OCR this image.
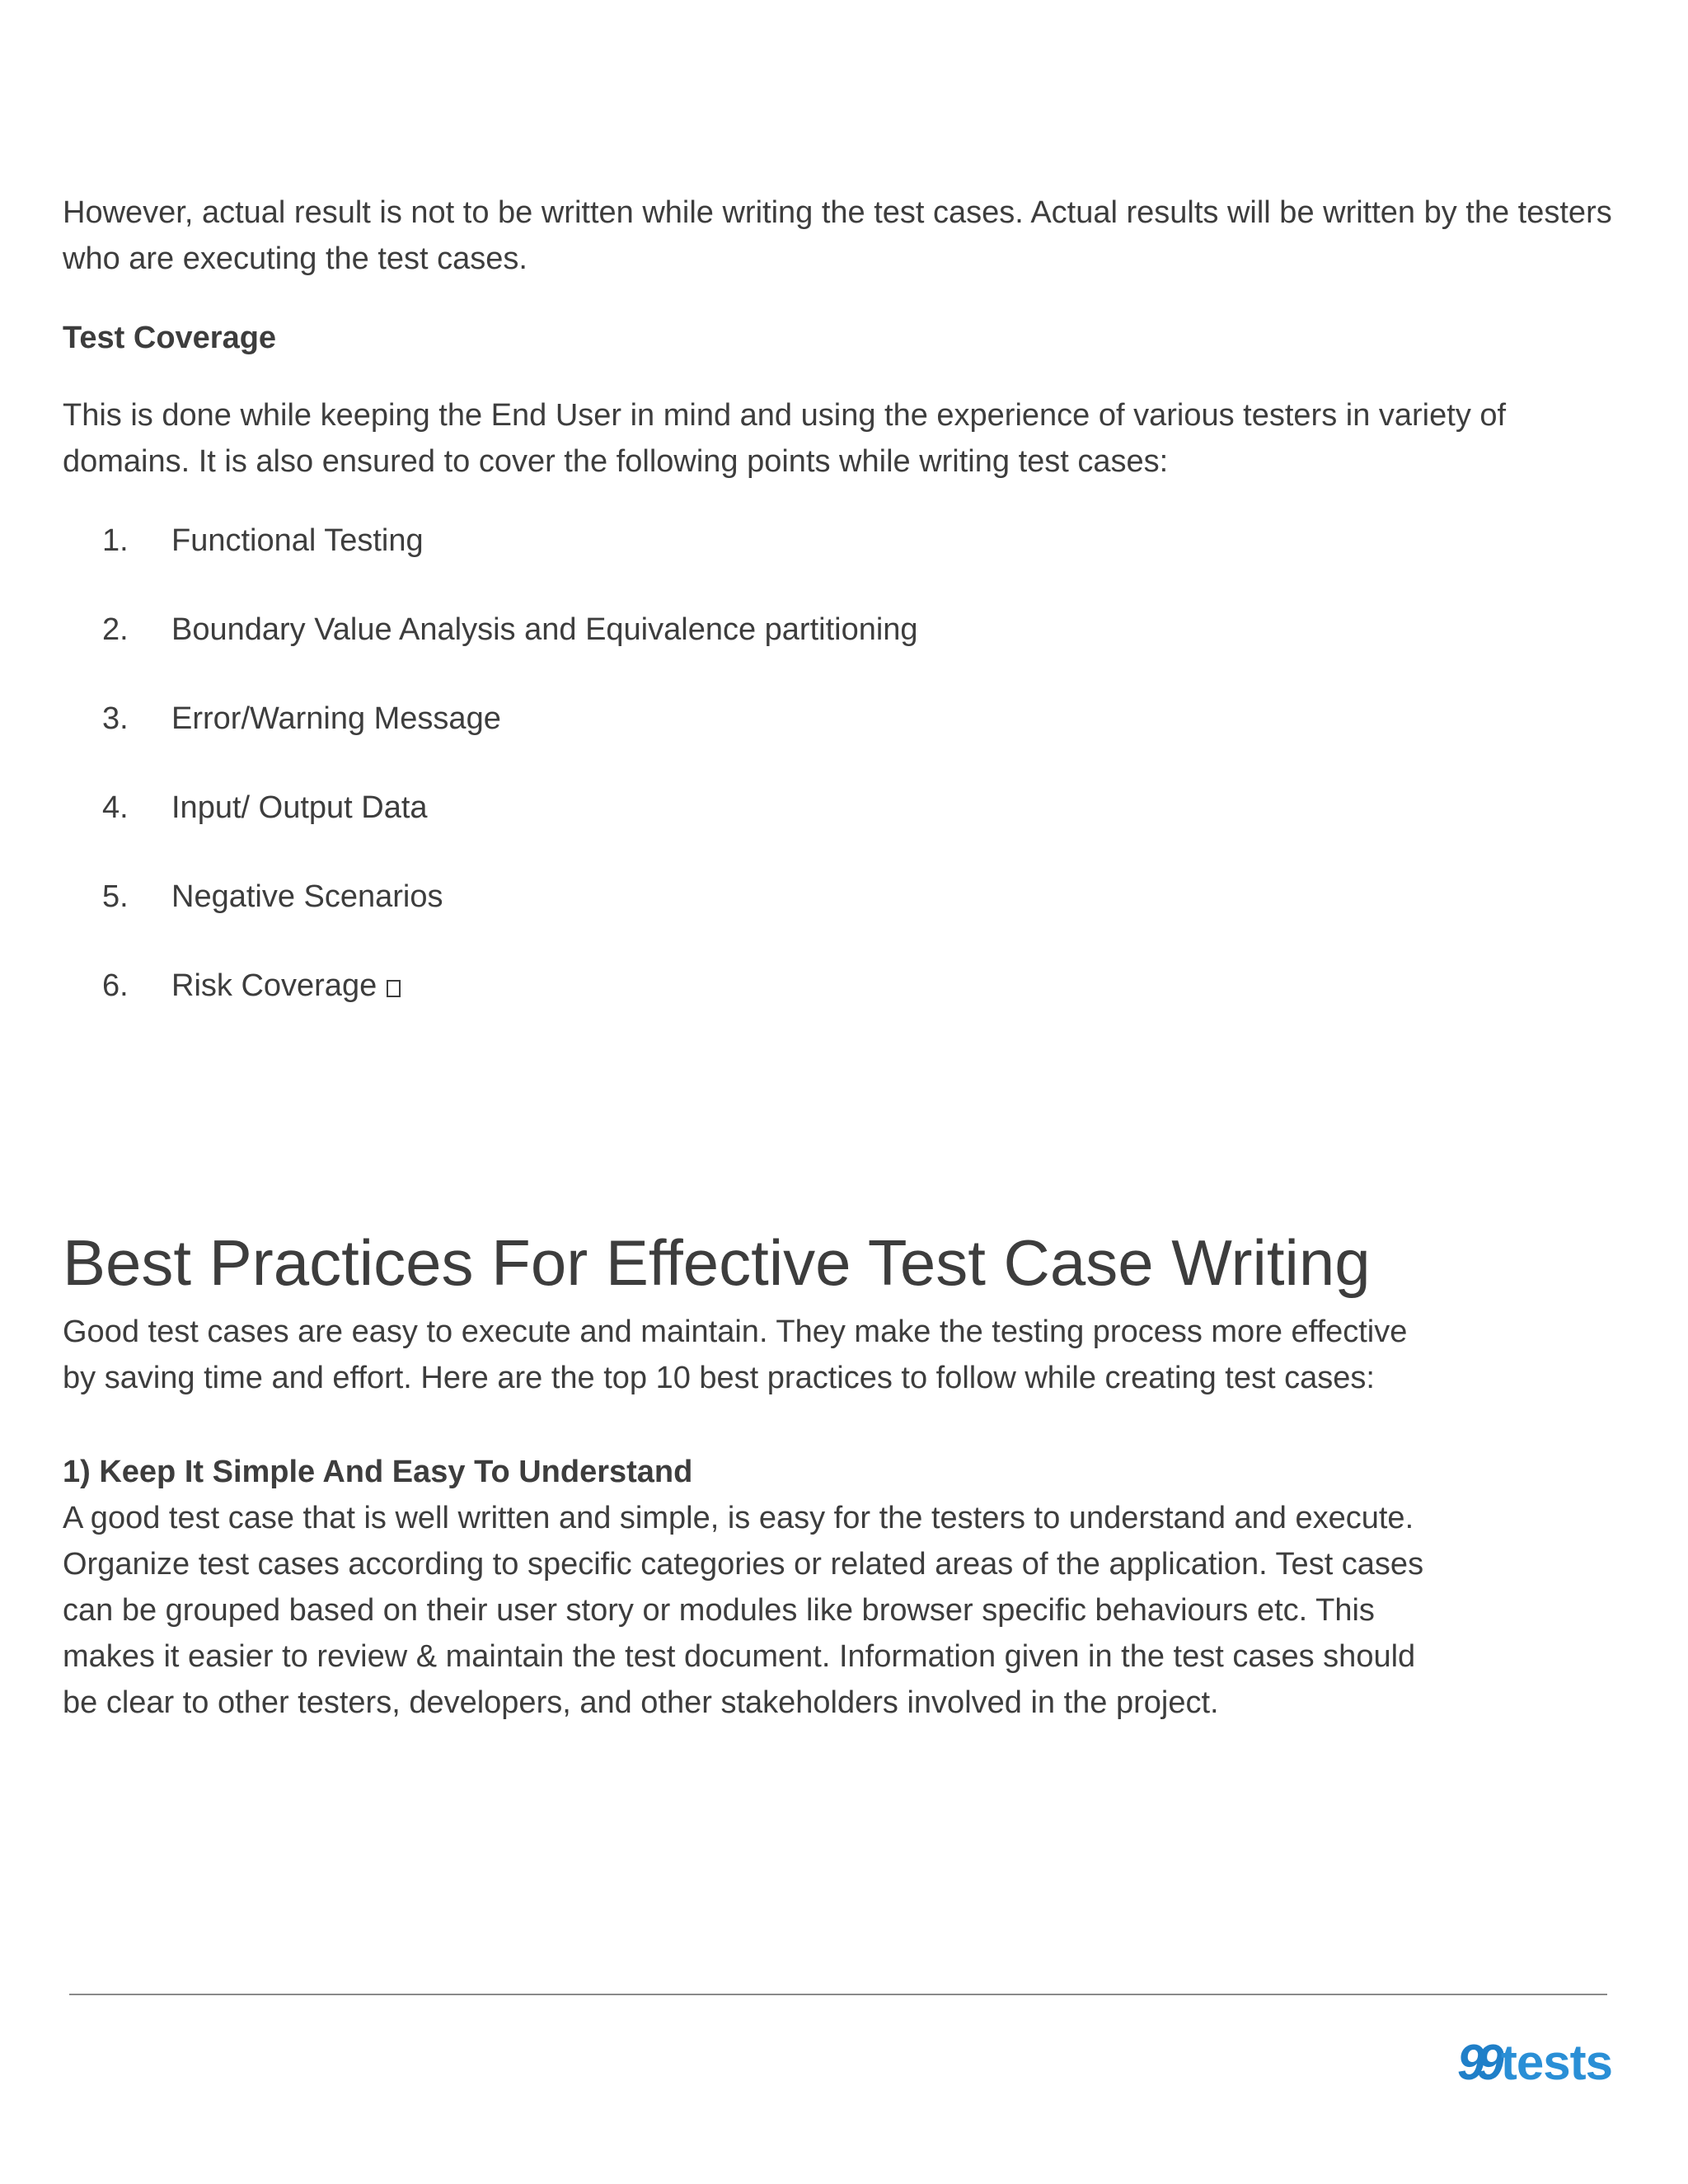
However, actual result is not to be written while writing the test cases. Actual results will be written by the testers who are executing the test cases.

Test Coverage

This is done while keeping the End User in mind and using the experience of various testers in variety of domains. It is also ensured to cover the following points while writing test cases:

1.	Functional Testing
2.	Boundary Value Analysis and Equivalence partitioning
3.	Error/Warning Message
4.	Input/ Output Data
5.	Negative Scenarios
6.	Risk Coverage
Best Practices For Effective Test Case Writing

Good test cases are easy to execute and maintain. They make the testing process more effective by saving time and effort. Here are the top 10 best practices to follow while creating test cases:

1) Keep It Simple And Easy To Understand

A good test case that is well written and simple, is easy for the testers to understand and execute. Organize test cases according to specific categories or related areas of the application. Test cases can be grouped based on their user story or modules like browser specific behaviours etc. This makes it easier to review & maintain the test document. Information given in the test cases should be clear to other testers, developers, and other stakeholders involved in the project.

99 tests
